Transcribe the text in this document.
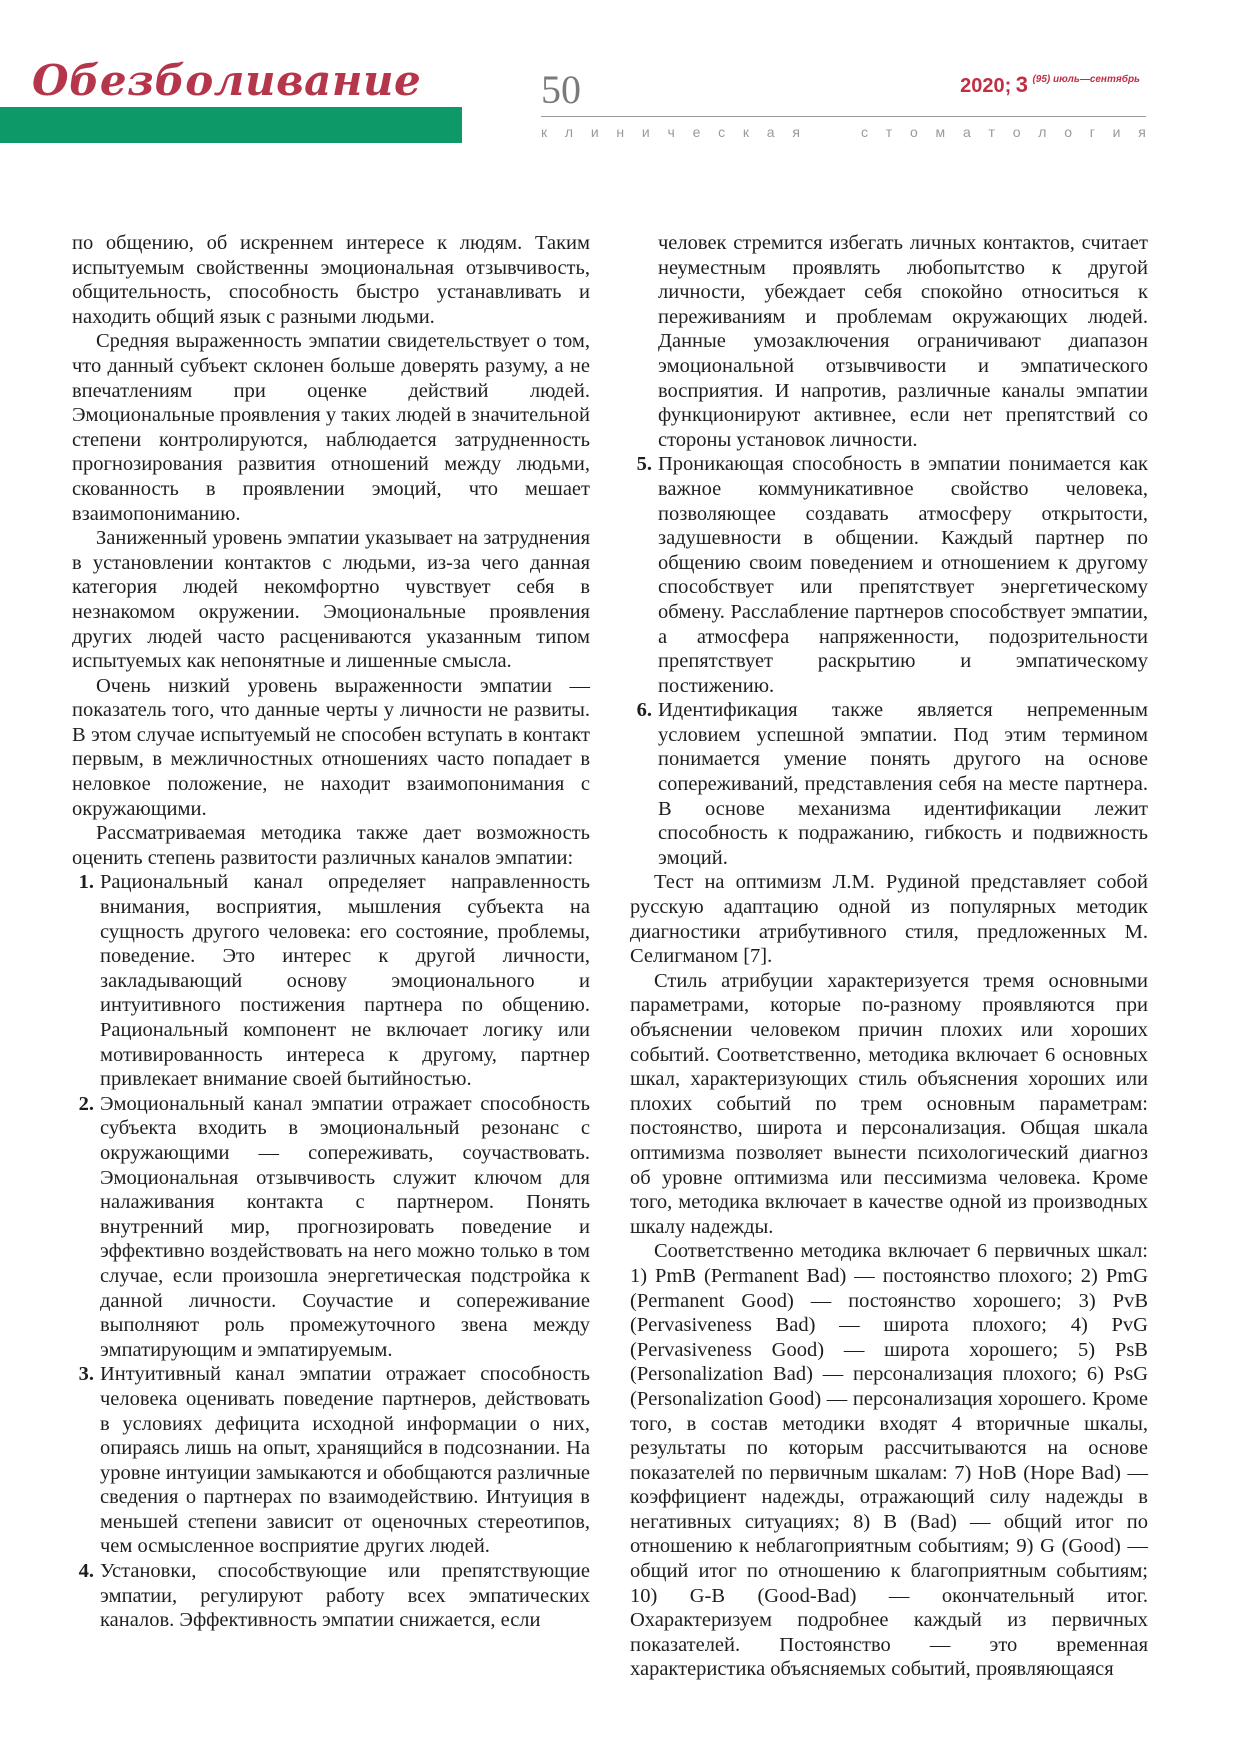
Обезболивание	50	2020; 3 $^{(95) июль—сентябрь}$
к л и н и ч е с к а я

	с т о м а т о л о г и я

по общению, об искреннем интересе к людям. Таким испытуемым свойственны эмоциональная отзывчивость, общительность, способность быстро устанавливать и находить общий язык с разными людьми.

Средняя выраженность эмпатии свидетельствует о том, что данный субъект склонен больше доверять разуму, а не впечатлениям при оценке действий людей. Эмоциональные проявления у таких людей в значительной степени контролируются, наблюдается затрудненность прогнозирования развития отношений между людьми, скованность в проявлении эмоций, что мешает взаимопониманию.

Заниженный уровень эмпатии указывает на затруднения в установлении контактов с людьми, из-за чего данная категория людей некомфортно чувствует себя в незнакомом окружении. Эмоциональные проявления других людей часто расцениваются указанным типом испытуемых как непонятные и лишенные смысла.

Очень низкий уровень выраженности эмпатии — показатель того, что данные черты у личности не развиты. В этом случае испытуемый не способен вступать в контакт первым, в межличностных отношениях часто попадает в неловкое положение, не находит взаимопонимания с окружающими.

Рассматриваемая методика также дает возможность оценить степень развитости различных каналов эмпатии:

1. Рациональный канал определяет направленность внимания, восприятия, мышления субъекта на сущность другого человека: его состояние, проблемы, поведение. Это интерес к другой личности, закладывающий основу эмоционального и интуитивного постижения партнера по общению. Рациональный компонент не включает логику или мотивированность интереса к другому, партнер привлекает внимание своей бытийностью.
2. Эмоциональный канал эмпатии отражает способность субъекта входить в эмоциональный резонанс с окружающими — сопереживать, соучаствовать. Эмоциональная отзывчивость служит ключом для налаживания контакта с партнером. Понять внутренний мир, прогнозировать поведение и эффективно воздействовать на него можно только в том случае, если произошла энергетическая подстройка к данной личности. Соучастие и сопереживание выполняют роль промежуточного звена между эмпатирующим и эмпатируемым.
3. Интуитивный канал эмпатии отражает способность человека оценивать поведение партнеров, действовать в условиях дефицита исходной информации о них, опираясь лишь на опыт, хранящийся в подсознании. На уровне интуиции замыкаются и обобщаются различные сведения о партнерах по взаимодействию. Интуиция в меньшей степени зависит от оценочных стереотипов, чем осмысленное восприятие других людей.
4. Установки, способствующие или препятствующие эмпатии, регулируют работу всех эмпатических каналов. Эффективность эмпатии снижается, если

человек стремится избегать личных контактов, считает неуместным проявлять любопытство к другой личности, убеждает себя спокойно относиться к переживаниям и проблемам окружающих людей. Данные умозаключения ограничивают диапазон эмоциональной отзывчивости и эмпатического восприятия. И напротив, различные каналы эмпатии функционируют активнее, если нет препятствий со стороны установок личности.

5. Проникающая способность в эмпатии понимается как важное коммуникативное свойство человека, позволяющее создавать атмосферу открытости, задушевности в общении. Каждый партнер по общению своим поведением и отношением к другому способствует или препятствует энергетическому обмену. Расслабление партнеров способствует эмпатии, а атмосфера напряженности, подозрительности препятствует раскрытию и эмпатическому постижению.
6. Идентификация также является непременным условием успешной эмпатии. Под этим термином понимается умение понять другого на основе сопереживаний, представления себя на месте партнера. В основе механизма идентификации лежит способность к подражанию, гибкость и подвижность эмоций.

Тест на оптимизм Л.М. Рудиной представляет собой русскую адаптацию одной из популярных методик диагностики атрибутивного стиля, предложенных М. Селигманом [7].

Стиль атрибуции характеризуется тремя основными параметрами, которые по-разному проявляются при объяснении человеком причин плохих или хороших событий. Соответственно, методика включает 6 основных шкал, характеризующих стиль объяснения хороших или плохих событий по трем основным параметрам: постоянство, широта и персонализация. Общая шкала оптимизма позволяет вынести психологический диагноз об уровне оптимизма или пессимизма человека. Кроме того, методика включает в качестве одной из производных шкалу надежды.

Соответственно методика включает 6 первичных шкал: 1) PmB (Permanent Bad) — постоянство плохого; 2) PmG (Permanent Good) — постоянство хорошего; 3) PvB (Pervasiveness Bad) — широта плохого; 4) PvG (Pervasiveness Good) — широта хорошего; 5) PsB (Personalization Bad) — персонализация плохого; 6) PsG (Personalization Good) — персонализация хорошего. Кроме того, в состав методики входят 4 вторичные шкалы, результаты по которым рассчитываются на основе показателей по первичным шкалам: 7) HoB (Hope Bad) — коэффициент надежды, отражающий силу надежды в негативных ситуациях; 8) B (Bad) — общий итог по отношению к неблагоприятным событиям; 9) G (Good) — общий итог по отношению к благоприятным событиям; 10) G-B (Good-Bad) — окончательный итог. Охарактеризуем подробнее каждый из первичных показателей. Постоянство — это временная характеристика объясняемых событий, проявляющаяся
